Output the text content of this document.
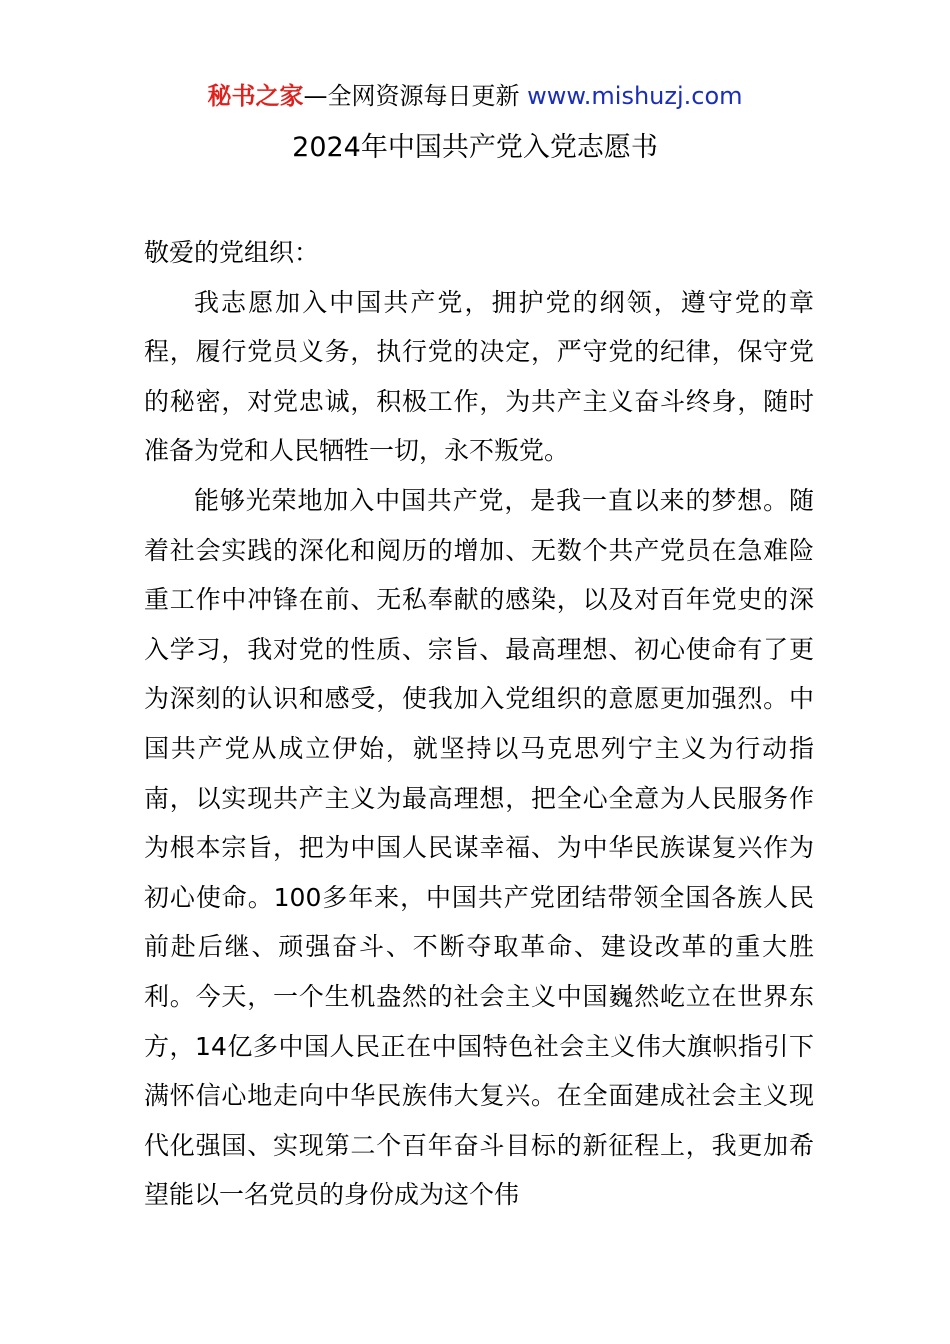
秘书之家—全网资源每日更新 www.mishuzj.com
2024年中国共产党入党志愿书

敬爱的党组织：

我志愿加入中国共产党，拥护党的纲领，遵守党的章程，履行党员义务，执行党的决定，严守党的纪律，保守党的秘密，对党忠诚，积极工作，为共产主义奋斗终身，随时准备为党和人民牺牲一切，永不叛党。

能够光荣地加入中国共产党，是我一直以来的梦想。随着社会实践的深化和阅历的增加、无数个共产党员在急难险重工作中冲锋在前、无私奉献的感染，以及对百年党史的深入学习，我对党的性质、宗旨、最高理想、初心使命有了更为深刻的认识和感受，使我加入党组织的意愿更加强烈。中国共产党从成立伊始，就坚持以马克思列宁主义为行动指南，以实现共产主义为最高理想，把全心全意为人民服务作为根本宗旨，把为中国人民谋幸福、为中华民族谋复兴作为初心使命。100多年来，中国共产党团结带领全国各族人民前赴后继、顽强奋斗、不断夺取革命、建设改革的重大胜利。今天，一个生机盎然的社会主义中国巍然屹立在世界东方，14亿多中国人民正在中国特色社会主义伟大旗帜指引下满怀信心地走向中华民族伟大复兴。在全面建成社会主义现代化强国、实现第二个百年奋斗目标的新征程上，我更加希望能以一名党员的身份成为这个伟
